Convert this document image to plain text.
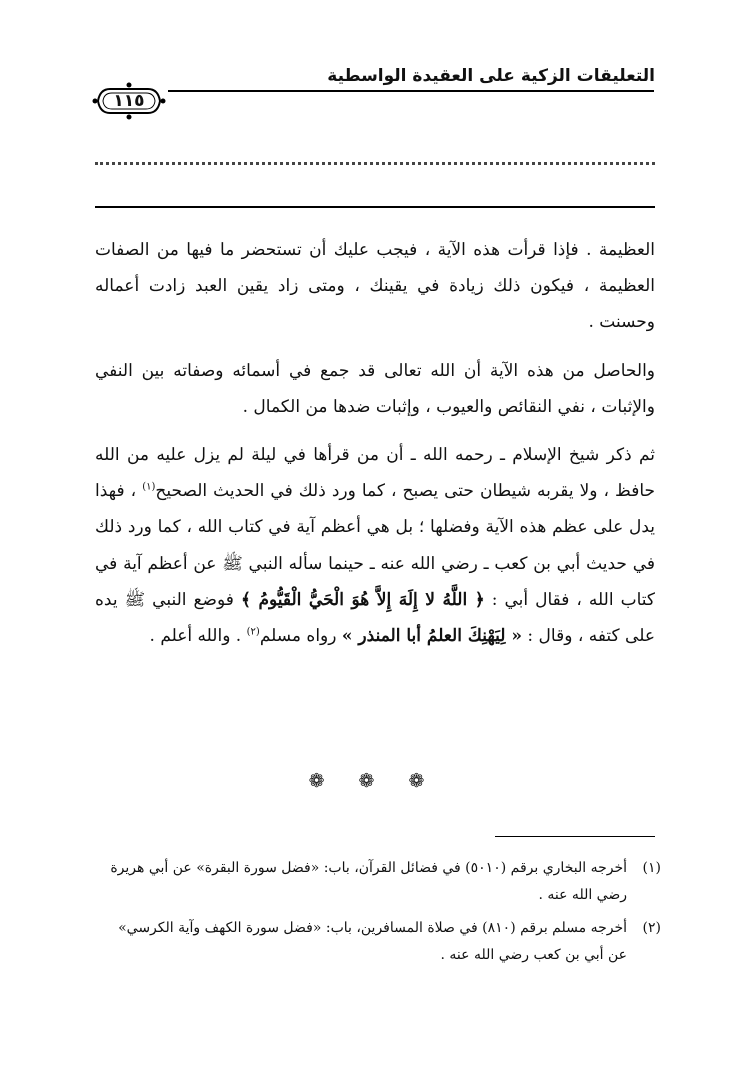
التعليقات الزكية على العقيدة الواسطية
١١٥

العظيمة . فإذا قرأت هذه الآية ، فيجب عليك أن تستحضر ما فيها من الصفات العظيمة ، فيكون ذلك زيادة في يقينك ، ومتى زاد يقين العبد زادت أعماله وحسنت .

والحاصل من هذه الآية أن الله تعالى قد جمع في أسمائه وصفاته بين النفي والإثبات ، نفي النقائص والعيوب ، وإثبات ضدها من الكمال .

ثم ذكر شيخ الإسلام ـ رحمه الله ـ أن من قرأها في ليلة لم يزل عليه من الله حافظ ، ولا يقربه شيطان حتى يصبح ، كما ورد ذلك في الحديث الصحيح$^{(١)}$ ، فهذا يدل على عظم هذه الآية وفضلها ؛ بل هي أعظم آية في كتاب الله ، كما ورد ذلك في حديث أبي بن كعب ـ رضي الله عنه ـ حينما سأله النبي ﷺ عن أعظم آية في كتاب الله ، فقال أبي : ﴿ اللَّهُ لا إِلَهَ إِلاَّ هُوَ الْحَيُّ الْقَيُّومُ ﴾ فوضع النبي ﷺ يده على كتفه ، وقال : « لِيَهْنِكَ العلمُ أبا المنذر » رواه مسلم$^{(٢)}$ . والله أعلم .

❁ ❁ ❁
(١)
أخرجه البخاري برقم (٥٠١٠) في فضائل القرآن، باب: «فضل سورة البقرة» عن أبي هريرة رضي الله عنه .
(٢)
أخرجه مسلم برقم (٨١٠) في صلاة المسافرين، باب: «فضل سورة الكهف وآية الكرسي» عن أبي بن كعب رضي الله عنه .
